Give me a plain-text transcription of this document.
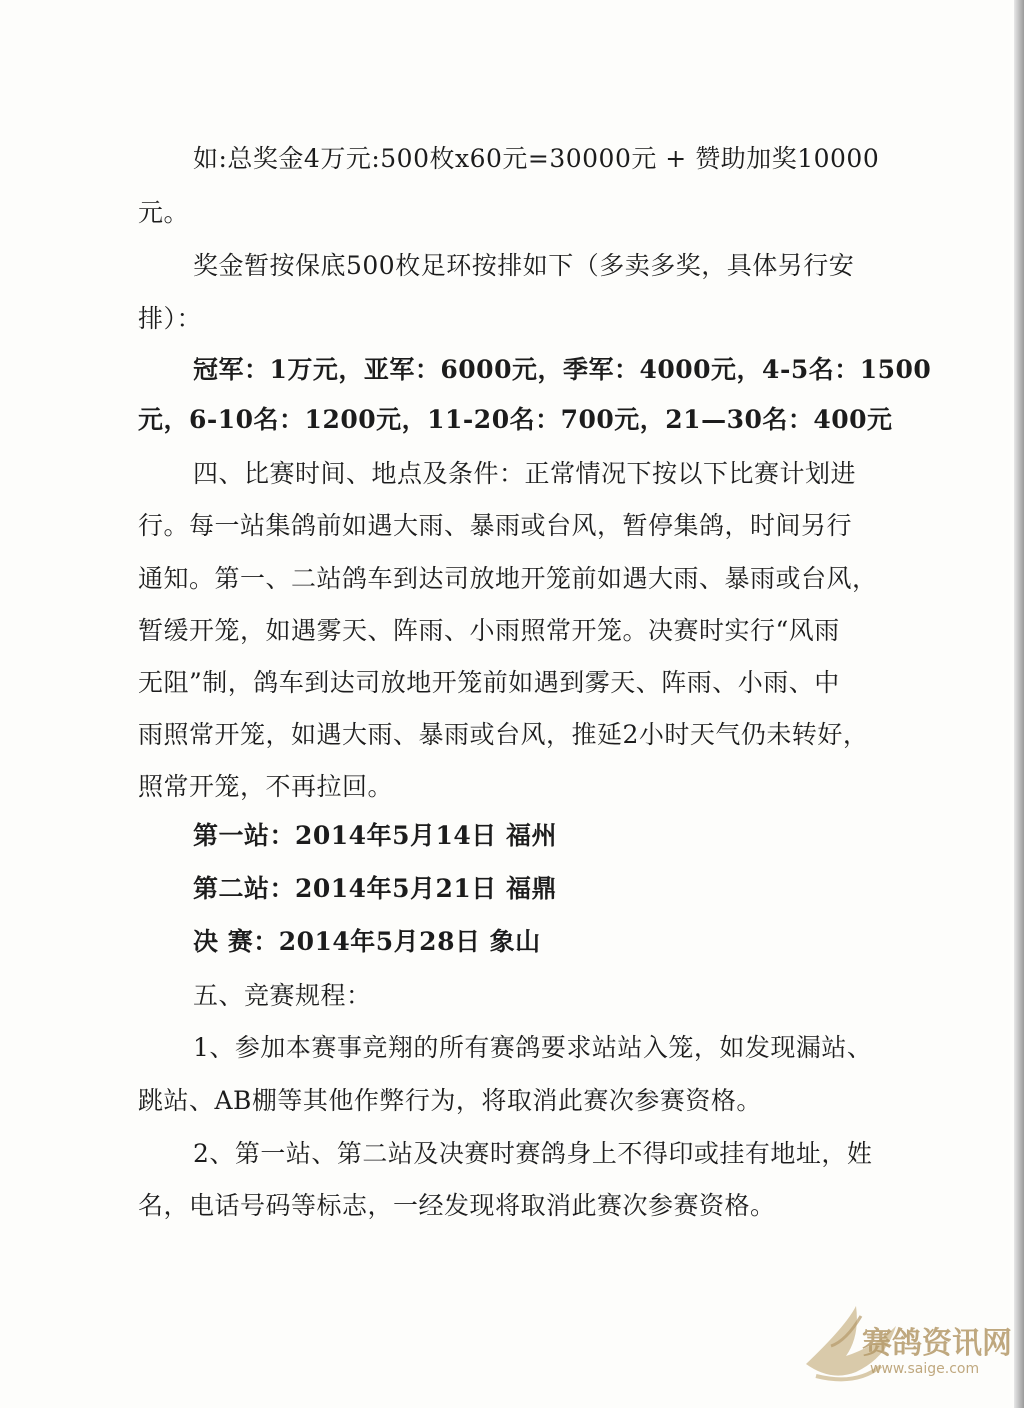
如:总奖金4万元:500枚x60元=30000元 + 赞助加奖10000
元。
奖金暂按保底500枚足环按排如下（多卖多奖，具体另行安
排）：
冠军：1万元，亚军：6000元，季军：4000元，4-5名：1500
元，6-10名：1200元，11-20名：700元，21—30名：400元
四、比赛时间、地点及条件：正常情况下按以下比赛计划进
行。每一站集鸽前如遇大雨、暴雨或台风，暂停集鸽，时间另行
通知。第一、二站鸽车到达司放地开笼前如遇大雨、暴雨或台风，
暂缓开笼，如遇雾天、阵雨、小雨照常开笼。决赛时实行“风雨
无阻”制，鸽车到达司放地开笼前如遇到雾天、阵雨、小雨、中
雨照常开笼，如遇大雨、暴雨或台风，推延2小时天气仍未转好，
照常开笼，不再拉回。
第一站：2014年5月14日 福州
第二站：2014年5月21日 福鼎
决 赛：2014年5月28日 象山
五、竞赛规程：
1、参加本赛事竞翔的所有赛鸽要求站站入笼，如发现漏站、
跳站、AB棚等其他作弊行为，将取消此赛次参赛资格。
2、第一站、第二站及决赛时赛鸽身上不得印或挂有地址，姓
名，电话号码等标志，一经发现将取消此赛次参赛资格。
赛鸽资讯网
www.saige.com
